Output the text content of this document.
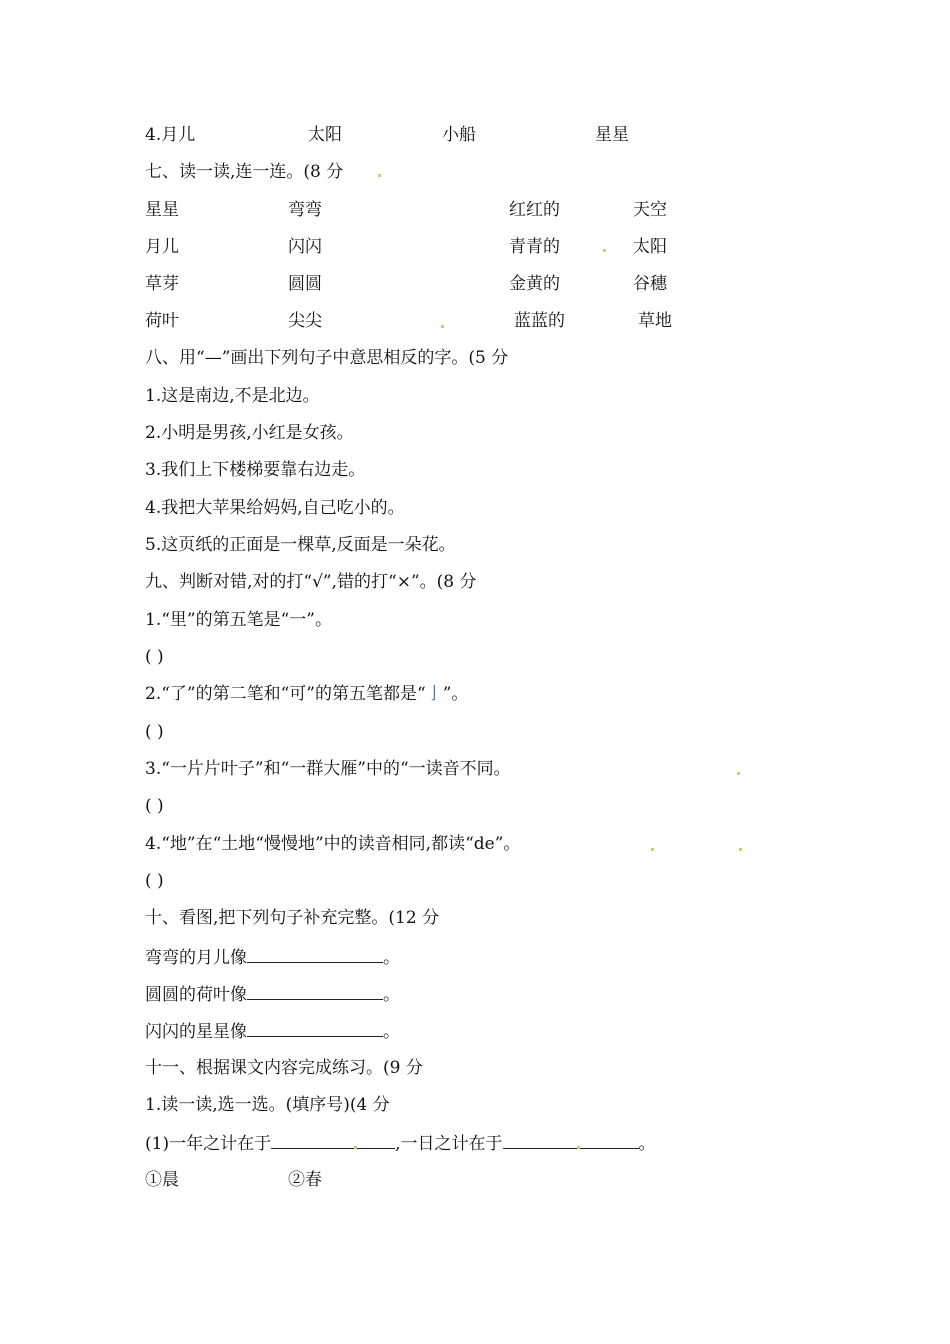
4.月儿	太阳	小船	星星
七、读一读,连一连。(8 分
星星	弯弯	红红的	天空
月儿	闪闪	青青的	太阳
草芽	圆圆	金黄的	谷穗
荷叶	尖尖	蓝蓝的	草地
八、用“—”画出下列句子中意思相反的字。(5 分
1.这是南边,不是北边。
2.小明是男孩,小红是女孩。
3.我们上下楼梯要靠右边走。
4.我把大苹果给妈妈,自己吃小的。
5.这页纸的正面是一棵草,反面是一朵花。
九、判断对错,对的打“√”,错的打“×”。(8 分
1.“里”的第五笔是“一”。
( )
2.“了”的第二笔和“可”的第五笔都是“亅”。
( )
3.“一片片叶子”和“一群大雁”中的“一读音不同。
( )
4.“地”在“土地“慢慢地”中的读音相同,都读“de”。
( )
十、看图,把下列句子补充完整。(12 分
弯弯的月儿像	。
圆圆的荷叶像	。
闪闪的星星像	。
十一、根据课文内容完成练习。(9 分
1.读一读,选一选。(填序号)(4 分
(1)一年之计在于	,一日之计在于	。
①晨	②春
